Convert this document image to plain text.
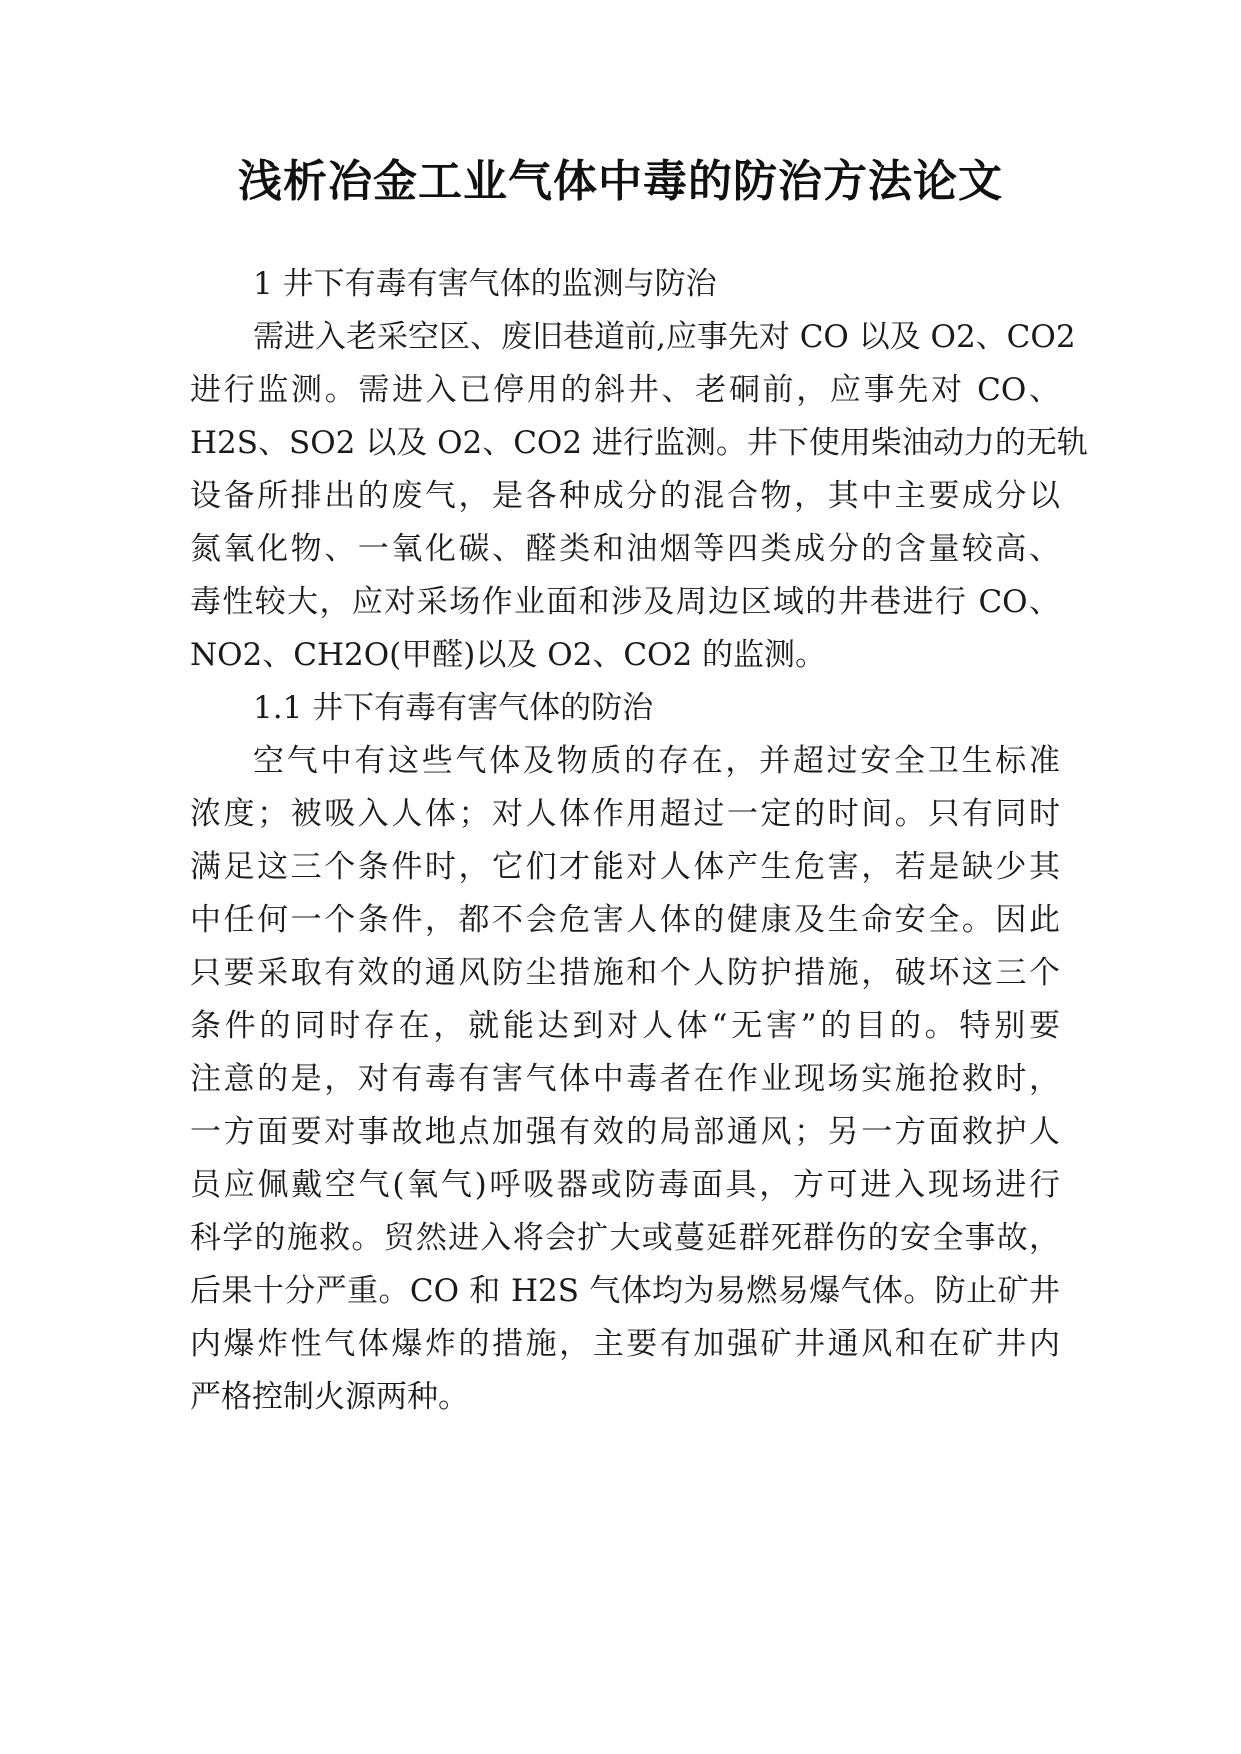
浅析冶金工业气体中毒的防治方法论文
1 井下有毒有害气体的监测与防治
需进入老采空区、废旧巷道前,应事先对 CO 以及 O2、CO2
进行监测。需进入已停用的斜井、老硐前，应事先对 CO、
H2S、SO2 以及 O2、CO2 进行监测。井下使用柴油动力的无轨
设备所排出的废气，是各种成分的混合物，其中主要成分以
氮氧化物、一氧化碳、醛类和油烟等四类成分的含量较高、
毒性较大，应对采场作业面和涉及周边区域的井巷进行 CO、
NO2、CH2O(甲醛)以及 O2、CO2 的监测。
1.1 井下有毒有害气体的防治
空气中有这些气体及物质的存在，并超过安全卫生标准
浓度；被吸入人体；对人体作用超过一定的时间。只有同时
满足这三个条件时，它们才能对人体产生危害，若是缺少其
中任何一个条件，都不会危害人体的健康及生命安全。因此
只要采取有效的通风防尘措施和个人防护措施，破坏这三个
条件的同时存在，就能达到对人体“无害”的目的。特别要
注意的是，对有毒有害气体中毒者在作业现场实施抢救时，
一方面要对事故地点加强有效的局部通风；另一方面救护人
员应佩戴空气(氧气)呼吸器或防毒面具，方可进入现场进行
科学的施救。贸然进入将会扩大或蔓延群死群伤的安全事故，
后果十分严重。CO 和 H2S 气体均为易燃易爆气体。防止矿井
内爆炸性气体爆炸的措施，主要有加强矿井通风和在矿井内
严格控制火源两种。
